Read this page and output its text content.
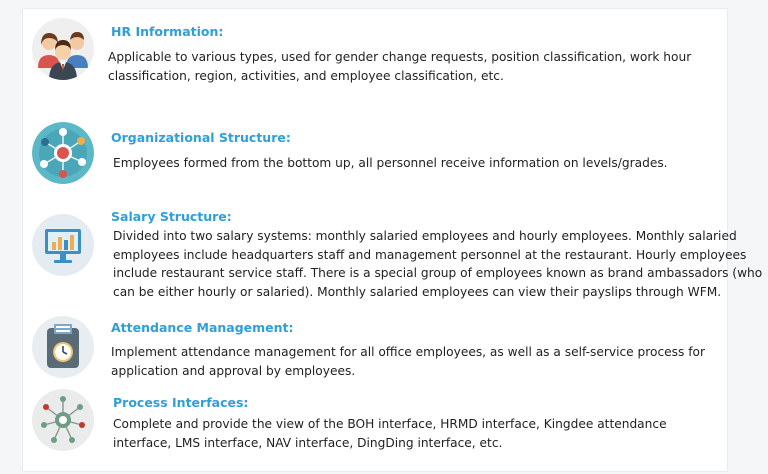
HR Information:

Applicable to various types, used for gender change requests, position classification, work hour

classification, region, activities, and employee classification, etc.

Organizational Structure:

Employees formed from the bottom up, all personnel receive information on levels/grades.

Salary Structure:

Divided into two salary systems: monthly salaried employees and hourly employees. Monthly salaried

employees include headquarters staff and management personnel at the restaurant. Hourly employees

include restaurant service staff. There is a special group of employees known as brand ambassadors (who

can be either hourly or salaried). Monthly salaried employees can view their payslips through WFM.

Attendance Management:

Implement attendance management for all office employees, as well as a self-service process for

application and approval by employees.

Process Interfaces:

Complete and provide the view of the BOH interface, HRMD interface, Kingdee attendance

interface, LMS interface, NAV interface, DingDing interface, etc.
